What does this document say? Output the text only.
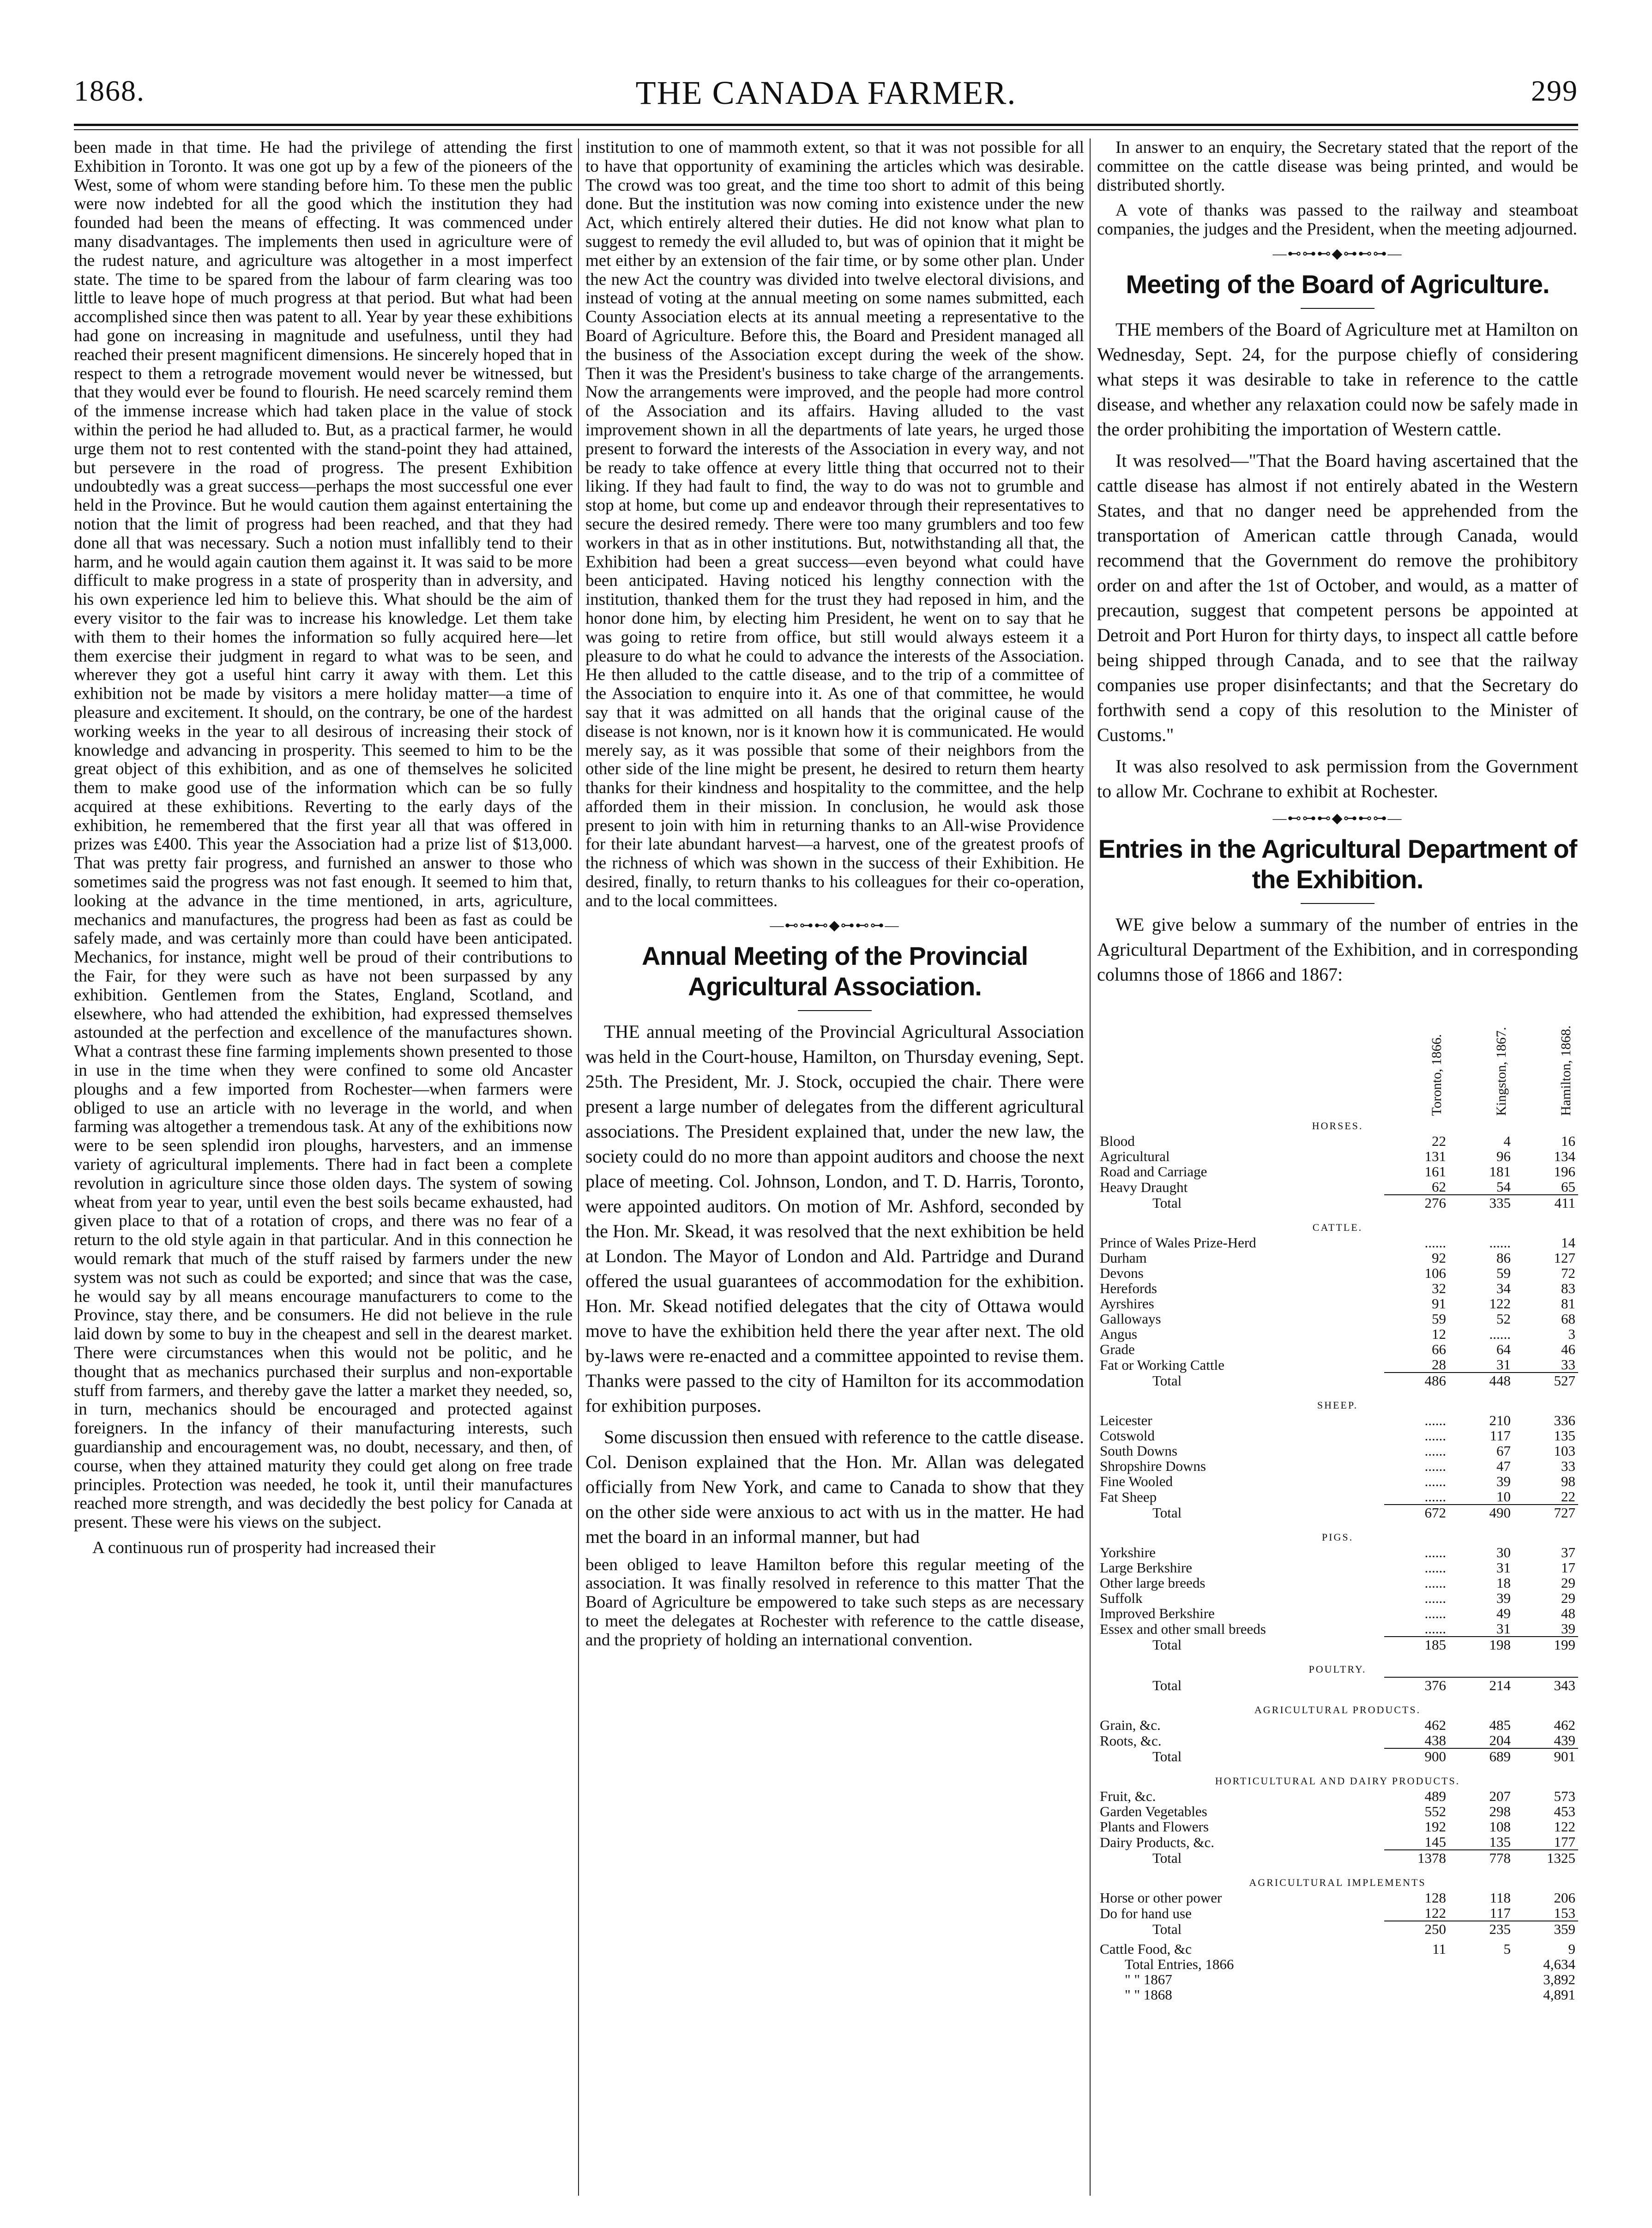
1868.	THE CANADA FARMER.	299

been made in that time. He had the privilege of attending the first Exhibition in Toronto. It was one got up by a few of the pioneers of the West, some of whom were standing before him. To these men the public were now indebted for all the good which the institution they had founded had been the means of effecting. It was commenced under many disadvantages. The implements then used in agriculture were of the rudest nature, and agriculture was altogether in a most imperfect state. The time to be spared from the labour of farm clearing was too little to leave hope of much progress at that period. But what had been accomplished since then was patent to all. Year by year these exhibitions had gone on increasing in magnitude and usefulness, until they had reached their present magnificent dimensions. He sincerely hoped that in respect to them a retrograde movement would never be witnessed, but that they would ever be found to flourish. He need scarcely remind them of the immense increase which had taken place in the value of stock within the period he had alluded to. But, as a practical farmer, he would urge them not to rest contented with the stand-point they had attained, but persevere in the road of progress. The present Exhibition undoubtedly was a great success—perhaps the most successful one ever held in the Province. But he would caution them against entertaining the notion that the limit of progress had been reached, and that they had done all that was necessary. Such a notion must infallibly tend to their harm, and he would again caution them against it. It was said to be more difficult to make progress in a state of prosperity than in adversity, and his own experience led him to believe this. What should be the aim of every visitor to the fair was to increase his knowledge. Let them take with them to their homes the information so fully acquired here—let them exercise their judgment in regard to what was to be seen, and wherever they got a useful hint carry it away with them. Let this exhibition not be made by visitors a mere holiday matter—a time of pleasure and excitement. It should, on the contrary, be one of the hardest working weeks in the year to all desirous of increasing their stock of knowledge and advancing in prosperity. This seemed to him to be the great object of this exhibition, and as one of themselves he solicited them to make good use of the information which can be so fully acquired at these exhibitions. Reverting to the early days of the exhibition, he remembered that the first year all that was offered in prizes was £400. This year the Association had a prize list of $13,000. That was pretty fair progress, and furnished an answer to those who sometimes said the progress was not fast enough. It seemed to him that, looking at the advance in the time mentioned, in arts, agriculture, mechanics and manufactures, the progress had been as fast as could be safely made, and was certainly more than could have been anticipated. Mechanics, for instance, might well be proud of their contributions to the Fair, for they were such as have not been surpassed by any exhibition. Gentlemen from the States, England, Scotland, and elsewhere, who had attended the exhibition, had expressed themselves astounded at the perfection and excellence of the manufactures shown. What a contrast these fine farming implements shown presented to those in use in the time when they were confined to some old Ancaster ploughs and a few imported from Rochester—when farmers were obliged to use an article with no leverage in the world, and when farming was altogether a tremendous task. At any of the exhibitions now were to be seen splendid iron ploughs, harvesters, and an immense variety of agricultural implements. There had in fact been a complete revolution in agriculture since those olden days. The system of sowing wheat from year to year, until even the best soils became exhausted, had given place to that of a rotation of crops, and there was no fear of a return to the old style again in that particular. And in this connection he would remark that much of the stuff raised by farmers under the new system was not such as could be exported; and since that was the case, he would say by all means encourage manufacturers to come to the Province, stay there, and be consumers. He did not believe in the rule laid down by some to buy in the cheapest and sell in the dearest market. There were circumstances when this would not be politic, and he thought that as mechanics purchased their surplus and non-exportable stuff from farmers, and thereby gave the latter a market they needed, so, in turn, mechanics should be encouraged and protected against foreigners. In the infancy of their manufacturing interests, such guardianship and encouragement was, no doubt, necessary, and then, of course, when they attained maturity they could get along on free trade principles. Protection was needed, he took it, until their manufactures reached more strength, and was decidedly the best policy for Canada at present. These were his views on the subject.

A continuous run of prosperity had increased their

institution to one of mammoth extent, so that it was not possible for all to have that opportunity of examining the articles which was desirable. The crowd was too great, and the time too short to admit of this being done. But the institution was now coming into existence under the new Act, which entirely altered their duties. He did not know what plan to suggest to remedy the evil alluded to, but was of opinion that it might be met either by an extension of the fair time, or by some other plan. Under the new Act the country was divided into twelve electoral divisions, and instead of voting at the annual meeting on some names submitted, each County Association elects at its annual meeting a representative to the Board of Agriculture. Before this, the Board and President managed all the business of the Association except during the week of the show. Then it was the President's business to take charge of the arrangements. Now the arrangements were improved, and the people had more control of the Association and its affairs. Having alluded to the vast improvement shown in all the departments of late years, he urged those present to forward the interests of the Association in every way, and not be ready to take offence at every little thing that occurred not to their liking. If they had fault to find, the way to do was not to grumble and stop at home, but come up and endeavor through their representatives to secure the desired remedy. There were too many grumblers and too few workers in that as in other institutions. But, notwithstanding all that, the Exhibition had been a great success—even beyond what could have been anticipated. Having noticed his lengthy connection with the institution, thanked them for the trust they had reposed in him, and the honor done him, by electing him President, he went on to say that he was going to retire from office, but still would always esteem it a pleasure to do what he could to advance the interests of the Association. He then alluded to the cattle disease, and to the trip of a committee of the Association to enquire into it. As one of that committee, he would say that it was admitted on all hands that the original cause of the disease is not known, nor is it known how it is communicated. He would merely say, as it was possible that some of their neighbors from the other side of the line might be present, he desired to return them hearty thanks for their kindness and hospitality to the committee, and the help afforded them in their mission. In conclusion, he would ask those present to join with him in returning thanks to an All-wise Providence for their late abundant harvest—a harvest, one of the greatest proofs of the richness of which was shown in the success of their Exhibition. He desired, finally, to return thanks to his colleagues for their co-operation, and to the local committees.

—⊷⊶⊷◆⊶⊷⊶—
Annual Meeting of the Provincial Agricultural Association.

THE annual meeting of the Provincial Agricultural Association was held in the Court-house, Hamilton, on Thursday evening, Sept. 25th. The President, Mr. J. Stock, occupied the chair. There were present a large number of delegates from the different agricultural associations. The President explained that, under the new law, the society could do no more than appoint auditors and choose the next place of meeting. Col. Johnson, London, and T. D. Harris, Toronto, were appointed auditors. On motion of Mr. Ashford, seconded by the Hon. Mr. Skead, it was resolved that the next exhibition be held at London. The Mayor of London and Ald. Partridge and Durand offered the usual guarantees of accommodation for the exhibition. Hon. Mr. Skead notified delegates that the city of Ottawa would move to have the exhibition held there the year after next. The old by-laws were re-enacted and a committee appointed to revise them. Thanks were passed to the city of Hamilton for its accommodation for exhibition purposes.

Some discussion then ensued with reference to the cattle disease. Col. Denison explained that the Hon. Mr. Allan was delegated officially from New York, and came to Canada to show that they on the other side were anxious to act with us in the matter. He had met the board in an informal manner, but had

been obliged to leave Hamilton before this regular meeting of the association. It was finally resolved in reference to this matter That the Board of Agriculture be empowered to take such steps as are necessary to meet the delegates at Rochester with reference to the cattle disease, and the propriety of holding an international convention.

In answer to an enquiry, the Secretary stated that the report of the committee on the cattle disease was being printed, and would be distributed shortly.

A vote of thanks was passed to the railway and steamboat companies, the judges and the President, when the meeting adjourned.

—⊷⊶⊷◆⊶⊷⊶—
Meeting of the Board of Agriculture.

THE members of the Board of Agriculture met at Hamilton on Wednesday, Sept. 24, for the purpose chiefly of considering what steps it was desirable to take in reference to the cattle disease, and whether any relaxation could now be safely made in the order prohibiting the importation of Western cattle.

It was resolved—"That the Board having ascertained that the cattle disease has almost if not entirely abated in the Western States, and that no danger need be apprehended from the transportation of American cattle through Canada, would recommend that the Government do remove the prohibitory order on and after the 1st of October, and would, as a matter of precaution, suggest that competent persons be appointed at Detroit and Port Huron for thirty days, to inspect all cattle before being shipped through Canada, and to see that the railway companies use proper disinfectants; and that the Secretary do forthwith send a copy of this resolution to the Minister of Customs."

It was also resolved to ask permission from the Government to allow Mr. Cochrane to exhibit at Rochester.

—⊷⊶⊷◆⊶⊷⊶—
Entries in the Agricultural Department of the Exhibition.

WE give below a summary of the number of entries in the Agricultural Department of the Exhibition, and in corresponding columns those of 1866 and 1867:

	Toronto, 1866.	Kingston, 1867.	Hamilton, 1868.
HORSES.			
Blood	22	4	16
Agricultural	131	96	134
Road and Carriage	161	181	196
Heavy Draught	62	54	65
Total	276	335	411
CATTLE.			
Prince of Wales Prize-Herd	......	......	14
Durham	92	86	127
Devons	106	59	72
Herefords	32	34	83
Ayrshires	91	122	81
Galloways	59	52	68
Angus	12	......	3
Grade	66	64	46
Fat or Working Cattle	28	31	33
Total	486	448	527
SHEEP.			
Leicester	......	210	336
Cotswold	......	117	135
South Downs	......	67	103
Shropshire Downs	......	47	33
Fine Wooled	......	39	98
Fat Sheep	......	10	22
Total	672	490	727
PIGS.			
Yorkshire	......	30	37
Large Berkshire	......	31	17
Other large breeds	......	18	29
Suffolk	......	39	29
Improved Berkshire	......	49	48
Essex and other small breeds	......	31	39
Total	185	198	199
POULTRY.			
Total	376	214	343
AGRICULTURAL PRODUCTS.			
Grain, &c.	462	485	462
Roots, &c.	438	204	439
Total	900	689	901
HORTICULTURAL AND DAIRY PRODUCTS.			
Fruit, &c.	489	207	573
Garden Vegetables	552	298	453
Plants and Flowers	192	108	122
Dairy Products, &c.	145	135	177
Total	1378	778	1325
AGRICULTURAL IMPLEMENTS			
Horse or other power	128	118	206
Do for hand use	122	117	153
Total	250	235	359
Cattle Food, &c	11	5	9
Total Entries, 1866			4,634
" " 1867			3,892
" " 1868			4,891
